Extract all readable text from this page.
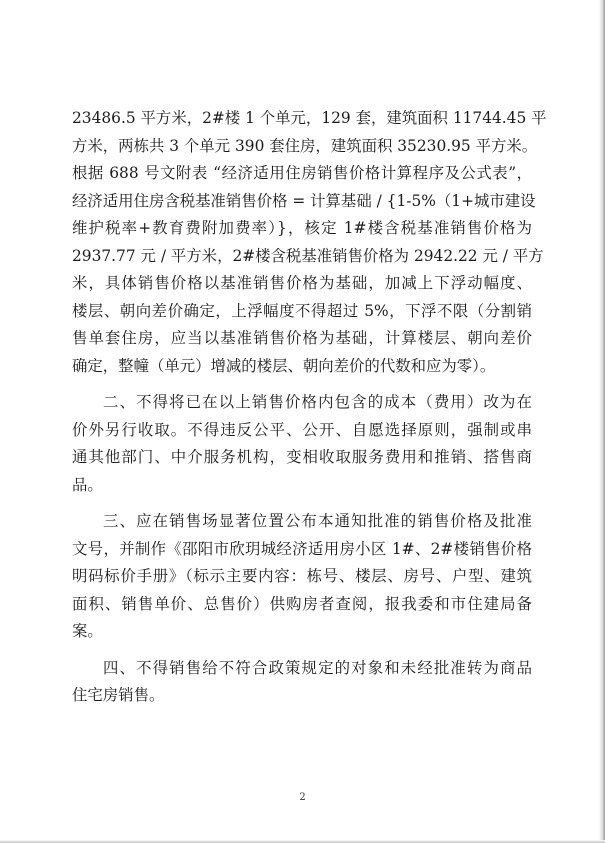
23486.5 平方米，2#楼 1 个单元，129 套，建筑面积 11744.45 平
方米，两栋共 3 个单元 390 套住房，建筑面积 35230.95 平方米。
根据 688 号文附表 “经济适用住房销售价格计算程序及公式表”，
经济适用住房含税基准销售价格 = 计算基础 / {1-5%（1+城市建设
维护税率+教育费附加费率）}，核定 1#楼含税基准销售价格为
2937.77 元 / 平方米，2#楼含税基准销售价格为 2942.22 元 / 平方
米，具体销售价格以基准销售价格为基础，加减上下浮动幅度、
楼层、朝向差价确定，上浮幅度不得超过 5%，下浮不限（分割销
售单套住房，应当以基准销售价格为基础，计算楼层、朝向差价
确定，整幢（单元）增减的楼层、朝向差价的代数和应为零）。
二、不得将已在以上销售价格内包含的成本（费用）改为在
价外另行收取。不得违反公平、公开、自愿选择原则，强制或串
通其他部门、中介服务机构，变相收取服务费用和推销、搭售商
品。
三、应在销售场显著位置公布本通知批准的销售价格及批准
文号，并制作《邵阳市欣玥城经济适用房小区 1#、2#楼销售价格
明码标价手册》（标示主要内容：栋号、楼层、房号、户型、建筑
面积、销售单价、总售价）供购房者查阅，报我委和市住建局备
案。
四、不得销售给不符合政策规定的对象和未经批准转为商品
住宅房销售。
2
